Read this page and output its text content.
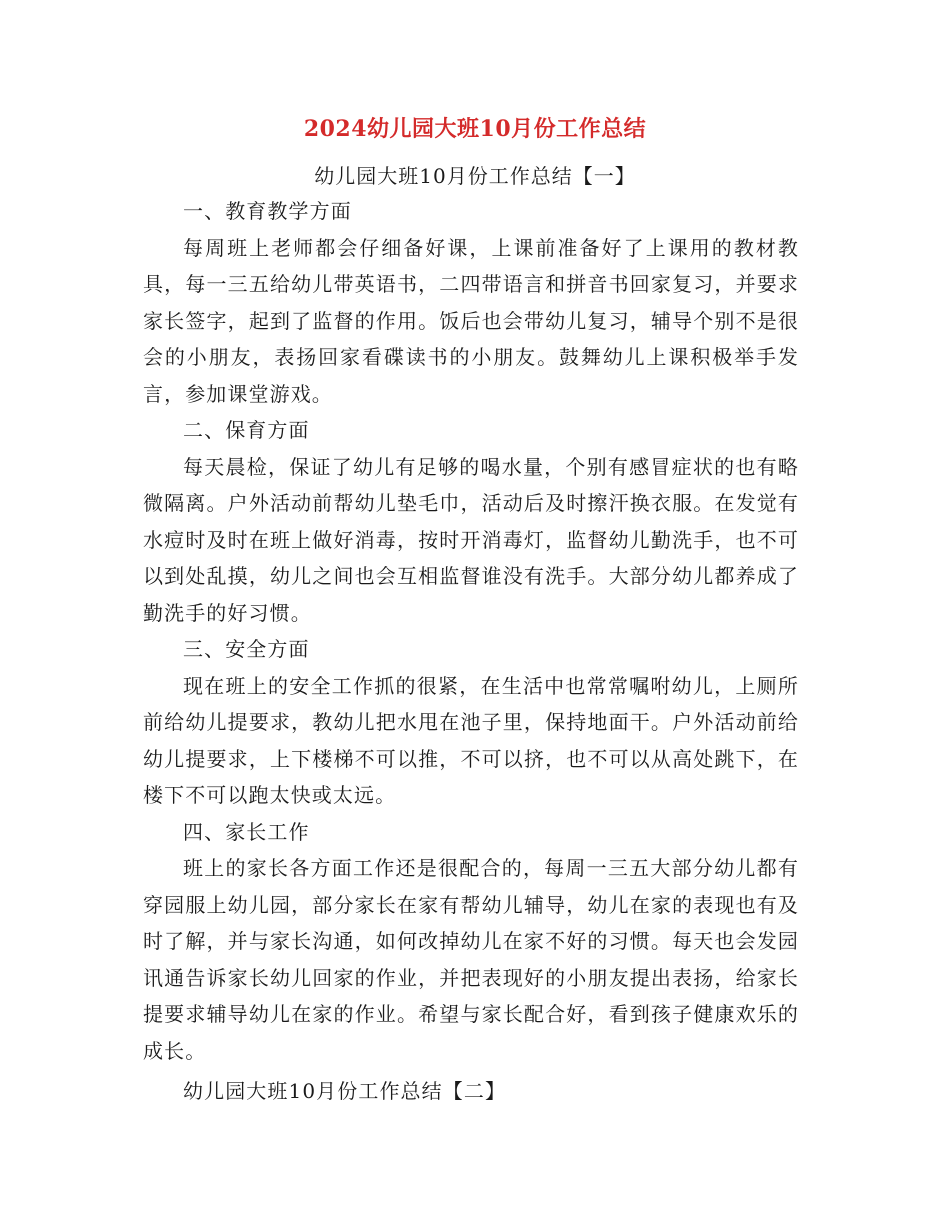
2024幼儿园大班10月份工作总结
幼儿园大班10月份工作总结【一】

一、教育教学方面

每周班上老师都会仔细备好课，上课前准备好了上课用的教材教具，每一三五给幼儿带英语书，二四带语言和拼音书回家复习，并要求家长签字，起到了监督的作用。饭后也会带幼儿复习，辅导个别不是很会的小朋友，表扬回家看碟读书的小朋友。鼓舞幼儿上课积极举手发言，参加课堂游戏。

二、保育方面

每天晨检，保证了幼儿有足够的喝水量，个别有感冒症状的也有略微隔离。户外活动前帮幼儿垫毛巾，活动后及时擦汗换衣服。在发觉有水痘时及时在班上做好消毒，按时开消毒灯，监督幼儿勤洗手，也不可以到处乱摸，幼儿之间也会互相监督谁没有洗手。大部分幼儿都养成了勤洗手的好习惯。

三、安全方面

现在班上的安全工作抓的很紧，在生活中也常常嘱咐幼儿，上厕所前给幼儿提要求，教幼儿把水甩在池子里，保持地面干。户外活动前给幼儿提要求，上下楼梯不可以推，不可以挤，也不可以从高处跳下，在楼下不可以跑太快或太远。

四、家长工作

班上的家长各方面工作还是很配合的，每周一三五大部分幼儿都有穿园服上幼儿园，部分家长在家有帮幼儿辅导，幼儿在家的表现也有及时了解，并与家长沟通，如何改掉幼儿在家不好的习惯。每天也会发园讯通告诉家长幼儿回家的作业，并把表现好的小朋友提出表扬，给家长提要求辅导幼儿在家的作业。希望与家长配合好，看到孩子健康欢乐的成长。

幼儿园大班10月份工作总结【二】
